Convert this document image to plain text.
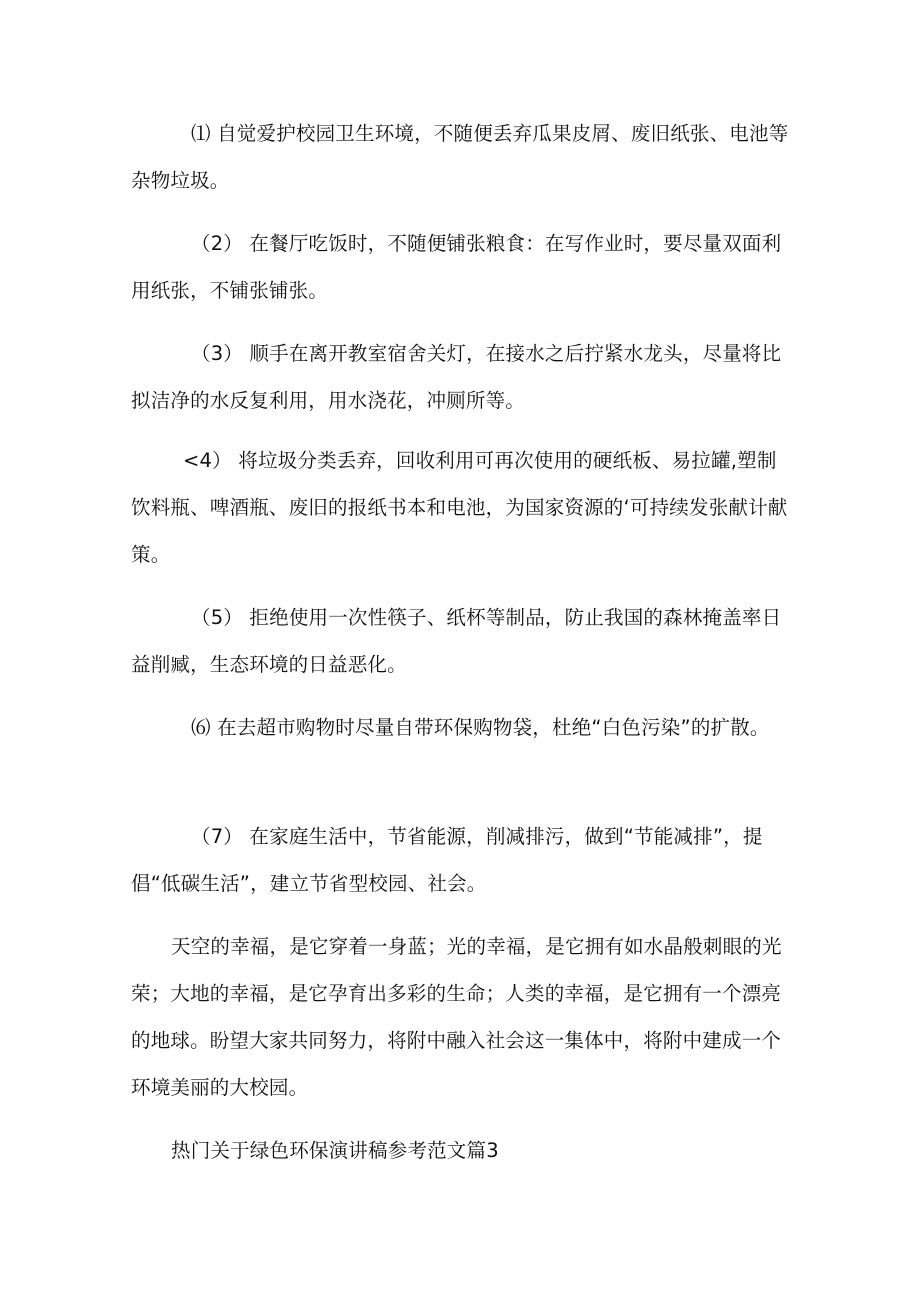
⑴ 自觉爱护校园卫生环境，不随便丢弃瓜果皮屑、废旧纸张、电池等杂物垃圾。

（2） 在餐厅吃饭时，不随便铺张粮食：在写作业时，要尽量双面利用纸张，不铺张铺张。

（3） 顺手在离开教室宿舍关灯，在接水之后拧紧水龙头，尽量将比拟洁净的水反复利用，用水浇花，冲厕所等。

<4） 将垃圾分类丢弃，回收利用可再次使用的硬纸板、易拉罐,塑制饮料瓶、啤酒瓶、废旧的报纸书本和电池，为国家资源的‘可持续发张献计献策。

（5） 拒绝使用一次性筷子、纸杯等制品，防止我国的森林掩盖率日益削臧，生态环境的日益恶化。

⑹ 在去超市购物时尽量自带环保购物袋，杜绝“白色污染”的扩散。

（7） 在家庭生活中，节省能源，削减排污，做到“节能减排”，提倡“低碳生活”，建立节省型校园、社会。

天空的幸福，是它穿着一身蓝；光的幸福，是它拥有如水晶般刺眼的光荣；大地的幸福，是它孕育出多彩的生命；人类的幸福，是它拥有一个漂亮的地球。盼望大家共同努力，将附中融入社会这一集体中，将附中建成一个环境美丽的大校园。

热门关于绿色环保演讲稿参考范文篇3
